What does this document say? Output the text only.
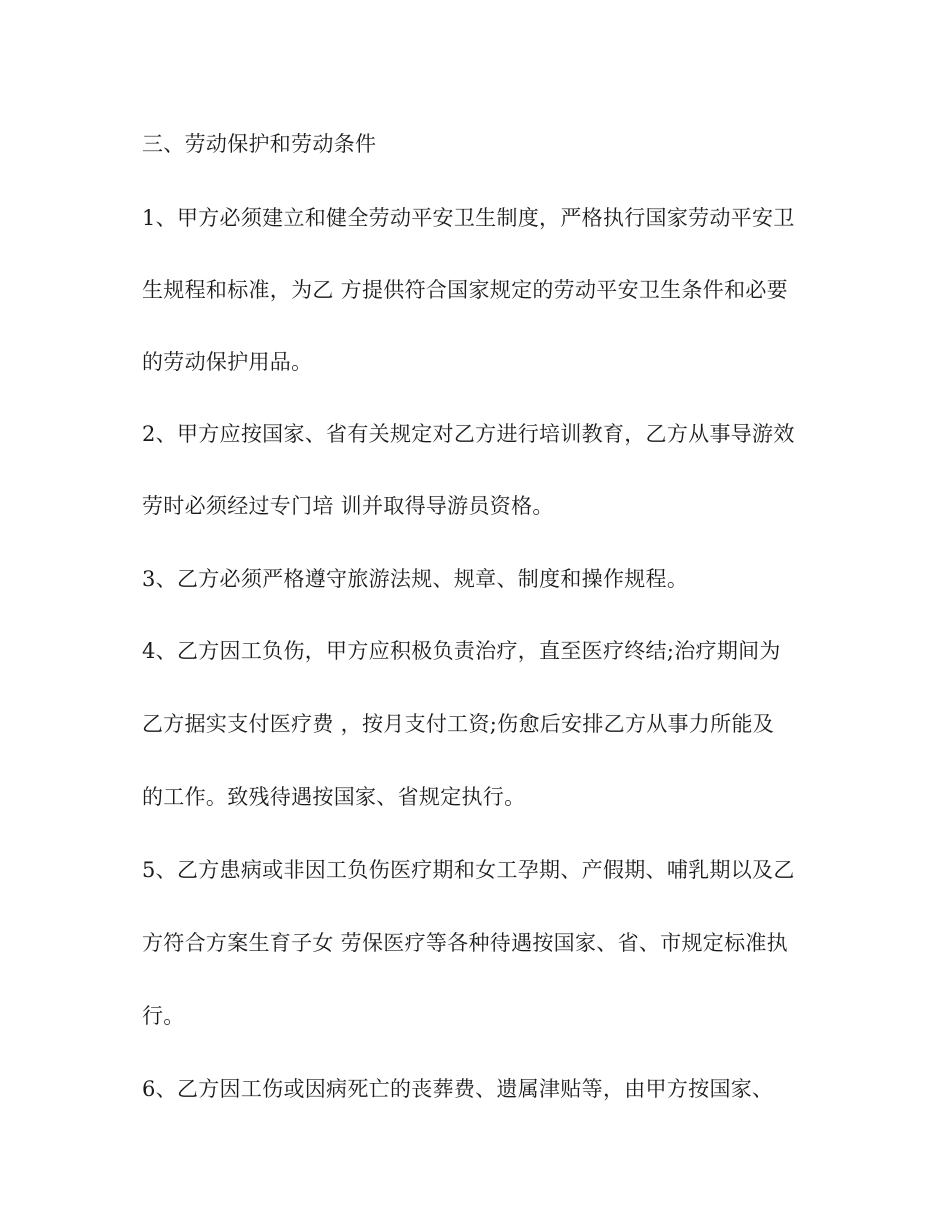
三、劳动保护和劳动条件
1、甲方必须建立和健全劳动平安卫生制度，严格执行国家劳动平安卫
生规程和标准，为乙 方提供符合国家规定的劳动平安卫生条件和必要
的劳动保护用品。
2、甲方应按国家、省有关规定对乙方进行培训教育，乙方从事导游效
劳时必须经过专门培 训并取得导游员资格。
3、乙方必须严格遵守旅游法规、规章、制度和操作规程。
4、乙方因工负伤，甲方应积极负责治疗，直至医疗终结;治疗期间为
乙方据实支付医疗费 ，按月支付工资;伤愈后安排乙方从事力所能及
的工作。致残待遇按国家、省规定执行。
5、乙方患病或非因工负伤医疗期和女工孕期、产假期、哺乳期以及乙
方符合方案生育子女 劳保医疗等各种待遇按国家、省、市规定标准执
行。
6、乙方因工伤或因病死亡的丧葬费、遗属津贴等，由甲方按国家、
